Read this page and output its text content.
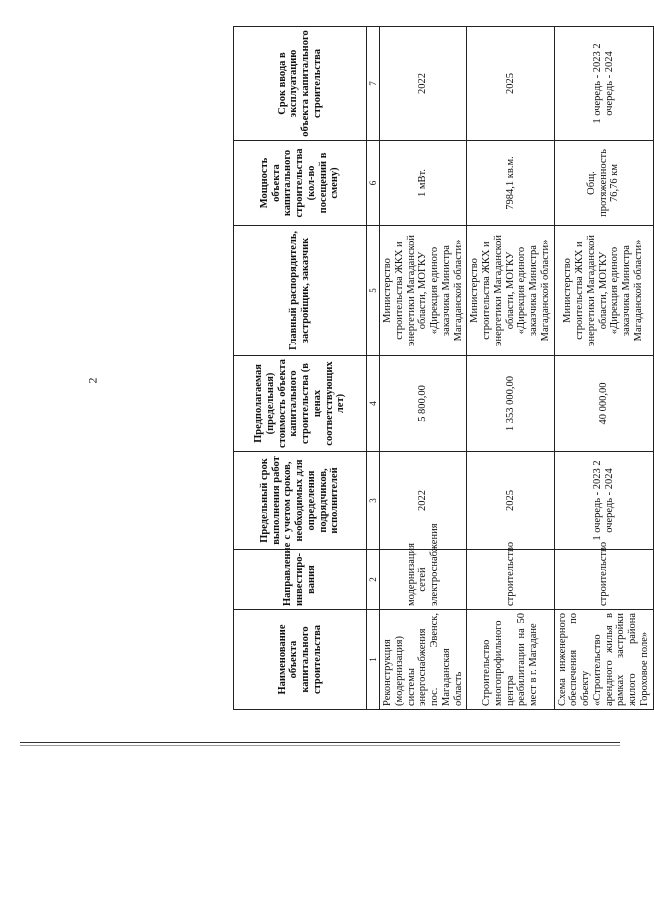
2
Наименование объекта капитального строительства	Направление инвестиро-вания	Предельный срок выполнения работ с учетом сроков, необходимых для определения подрядчиков, исполнителей	Предполагаемая (предельная) стоимость объекта капитального строительства (в ценах соответствующих лет)	Главный распорядитель, застройщик, заказчик	Мощность объекта капитального строительства (кол-во посещений в смену)	Срок ввода в эксплуатацию объекта капитального строительства
1	2	3	4	5	6	7
Реконструкция (модернизация) системы энергоснабжения пос. Эвенск, Магаданская область	модернизация сетей электроснабжения	2022	5 800,00	Министерство строительства ЖКХ и энергетики Магаданской области, МОГКУ «Дирекция единого заказчика Министра Магаданской области»	1 мВт.	2022
Строительство многопрофильного центра реабилитации на 50 мест в г. Магадане	строительство	2025	1 353 000,00	Министерство строительства ЖКХ и энергетики Магаданской области, МОГКУ «Дирекция единого заказчика Министра Магаданской области»	7984,1 кв.м.	2025
Схема инженерного обеспечения по объекту «Строительство арендного жилья в рамках застройки жилого района Гороховое поле»	строительство	1 очередь - 2023 2 очередь - 2024	40 000,00	Министерство строительства ЖКХ и энергетики Магаданской области, МОГКУ «Дирекция единого заказчика Министра Магаданской области»	Общ. протяженность 76,76 км	1 очередь - 2023 2 очередь - 2024
